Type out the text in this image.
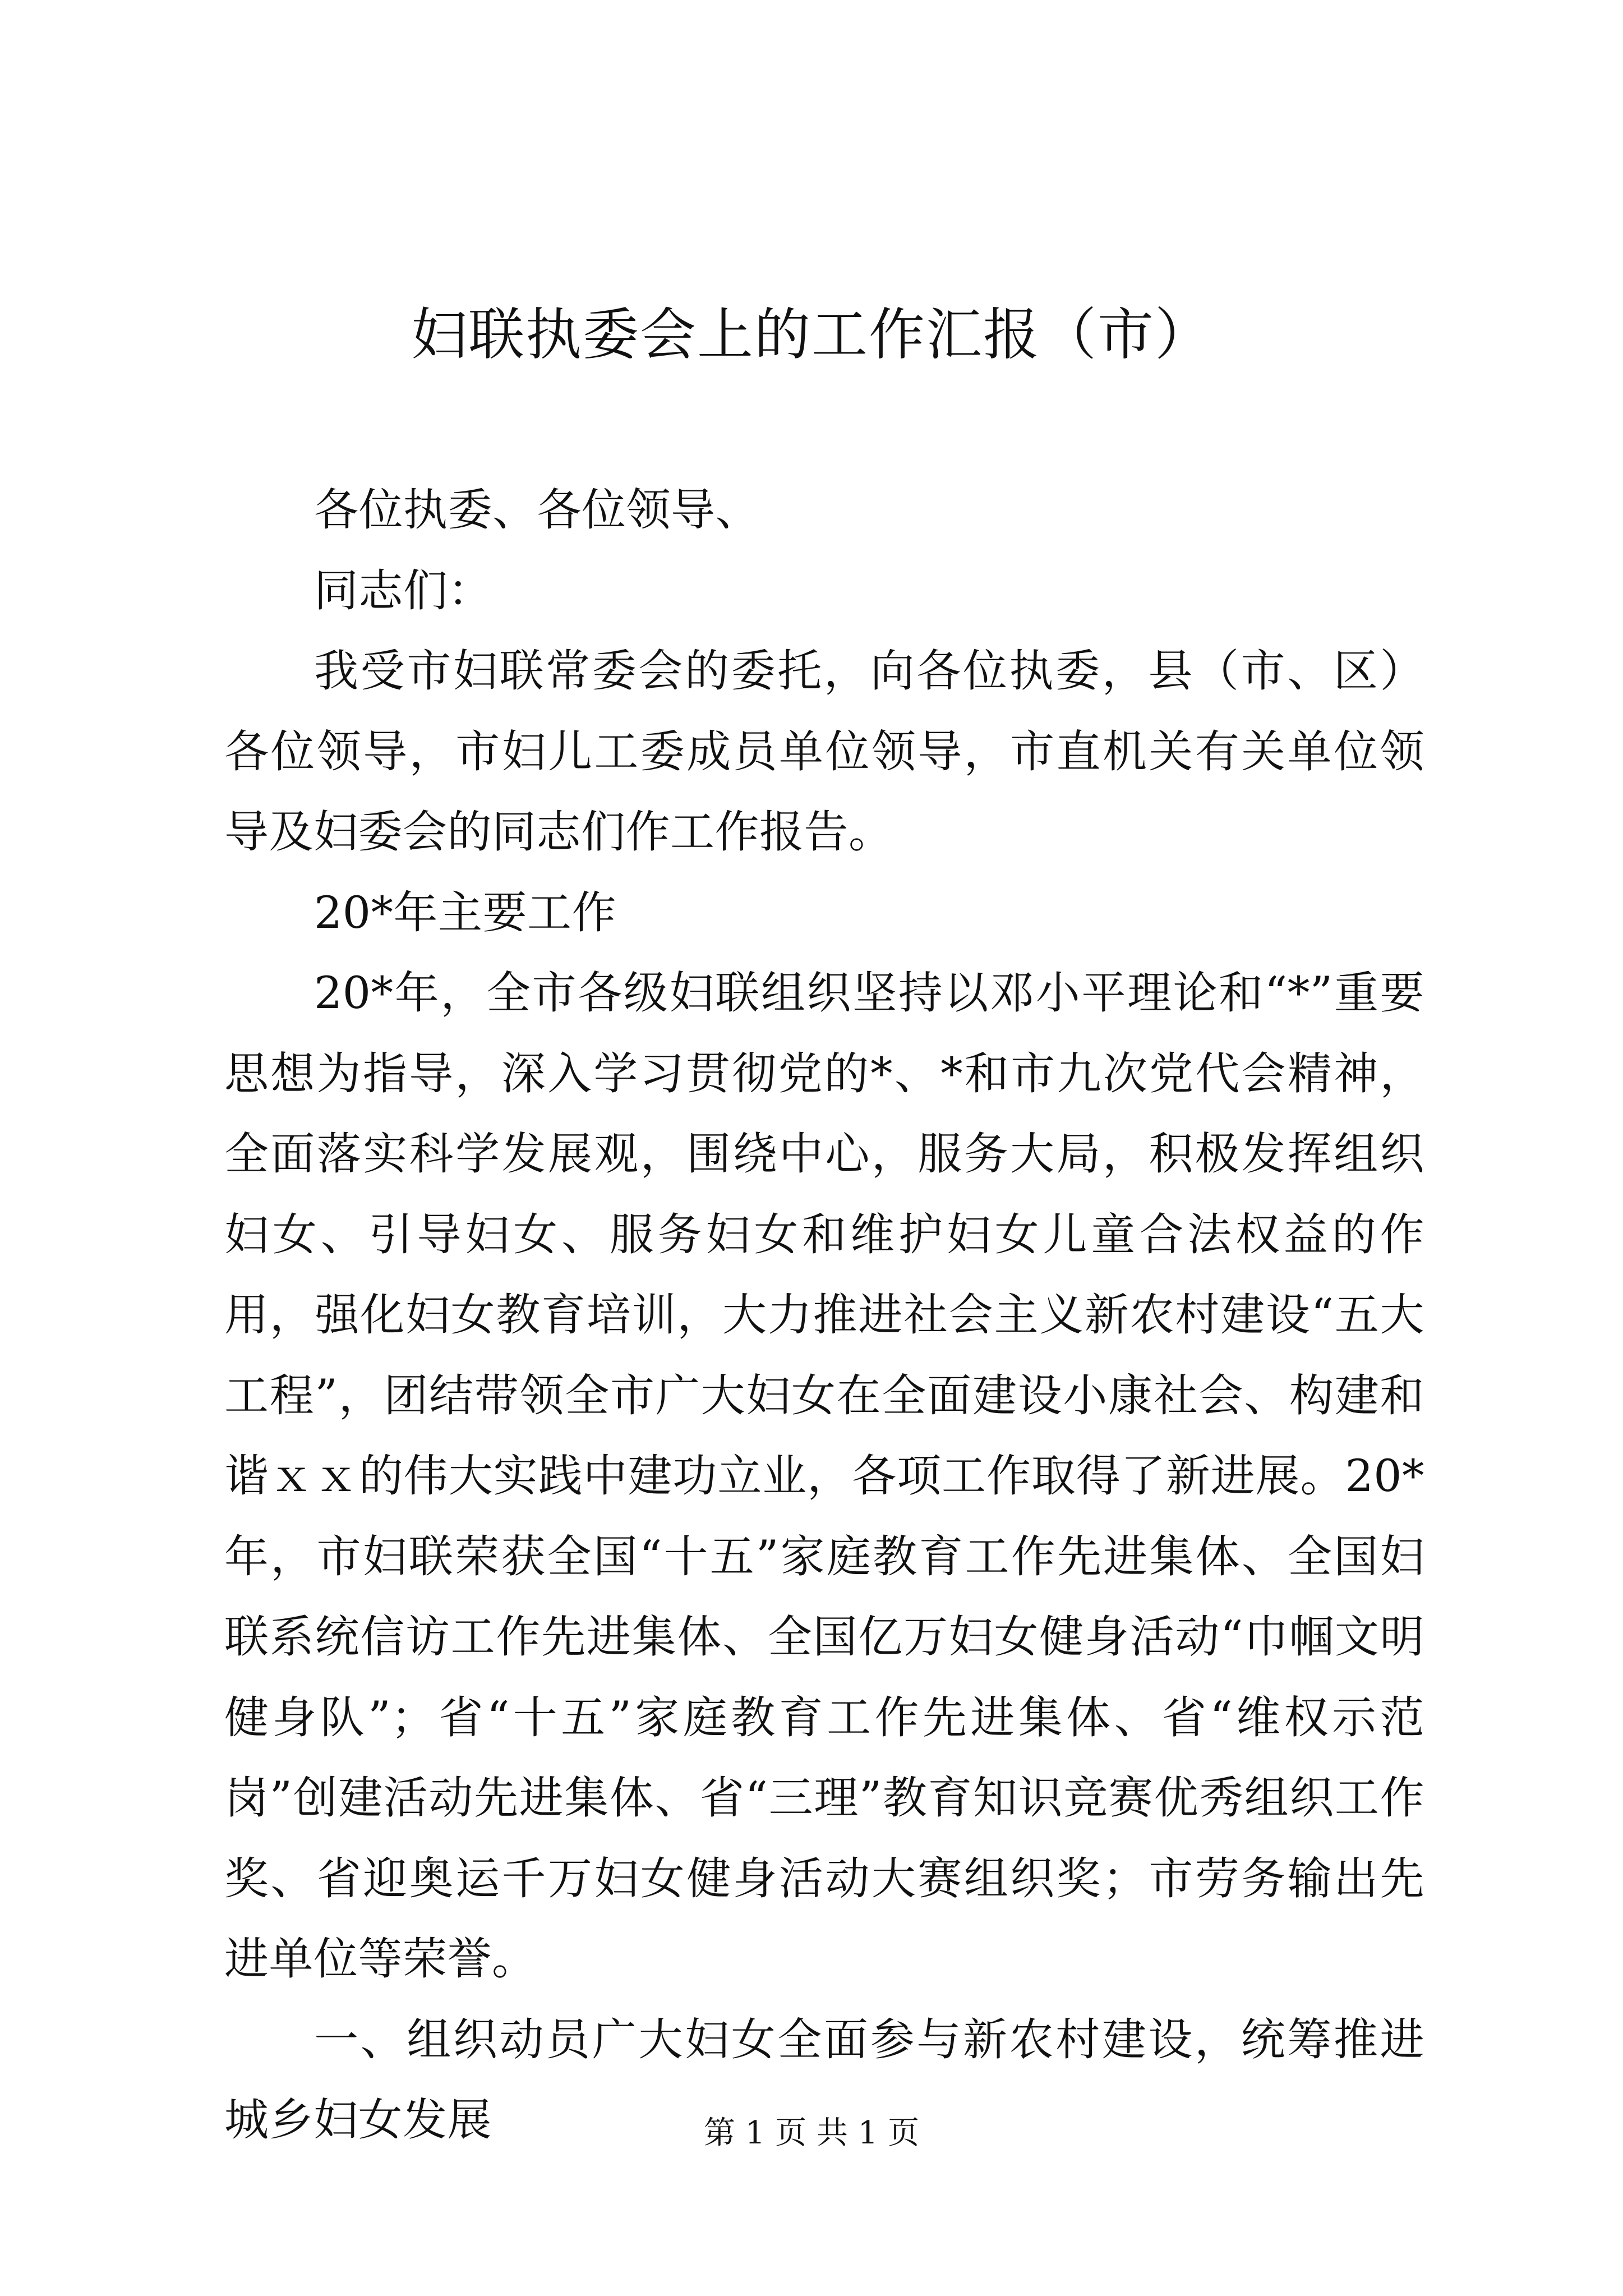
妇联执委会上的工作汇报（市）

各位执委、各位领导、

同志们：

我受市妇联常委会的委托，向各位执委，县（市、区）各位领导，市妇儿工委成员单位领导，市直机关有关单位领导及妇委会的同志们作工作报告。

20*年主要工作

20*年，全市各级妇联组织坚持以邓小平理论和“*”重要思想为指导，深入学习贯彻党的*、*和市九次党代会精神，全面落实科学发展观，围绕中心，服务大局，积极发挥组织妇女、引导妇女、服务妇女和维护妇女儿童合法权益的作用，强化妇女教育培训，大力推进社会主义新农村建设“五大工程”，团结带领全市广大妇女在全面建设小康社会、构建和谐ｘｘ的伟大实践中建功立业，各项工作取得了新进展。20*年，市妇联荣获全国“十五”家庭教育工作先进集体、全国妇联系统信访工作先进集体、全国亿万妇女健身活动“巾帼文明健身队”；省“十五”家庭教育工作先进集体、省“维权示范岗”创建活动先进集体、省“三理”教育知识竞赛优秀组织工作奖、省迎奥运千万妇女健身活动大赛组织奖；市劳务输出先进单位等荣誉。

一、组织动员广大妇女全面参与新农村建设，统筹推进城乡妇女发展	第 1 页 共 1 页
